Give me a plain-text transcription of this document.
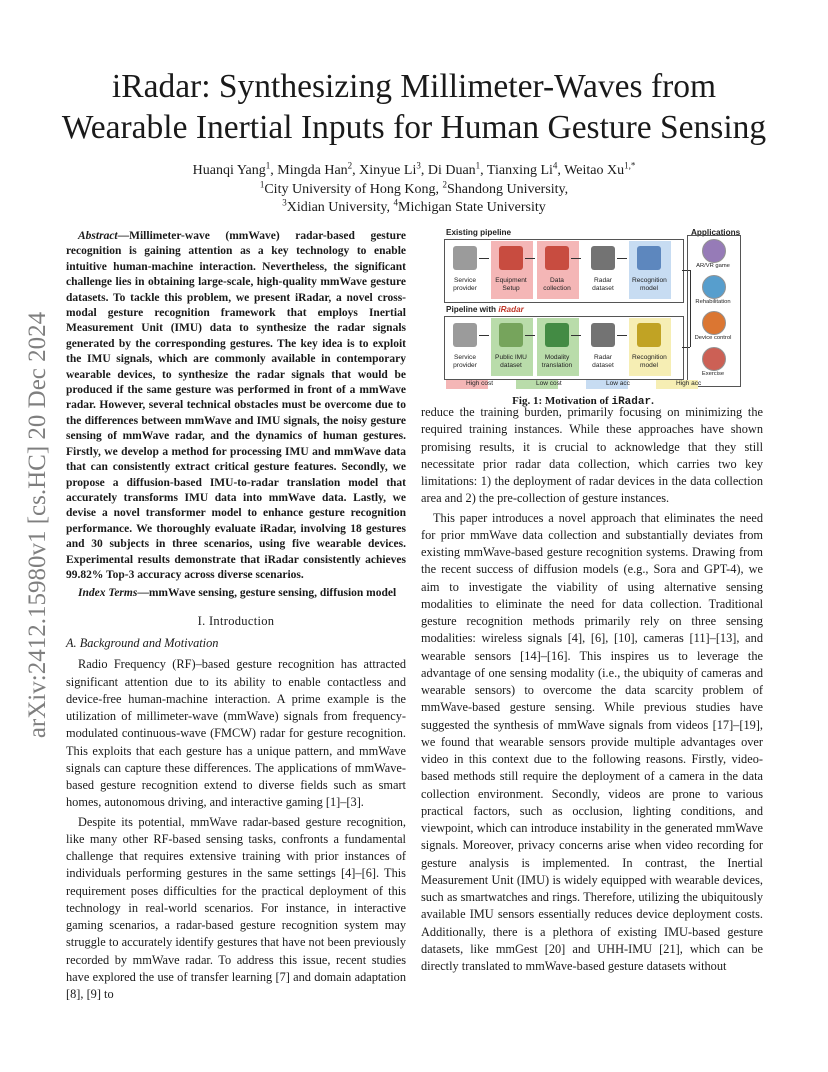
arXiv:2412.15980v1 [cs.HC] 20 Dec 2024
iRadar: Synthesizing Millimeter-Waves from
Wearable Inertial Inputs for Human Gesture Sensing
Huanqi Yang$^1$, Mingda Han$^2$, Xinyue Li$^3$, Di Duan$^1$, Tianxing Li$^4$, Weitao $Xu^{1,*}$
$^1$City University of Hong Kong, $^2$Shandong University,
$^3$Xidian University, $^4$Michigan State University

Abstract—Millimeter-wave (mmWave) radar-based gesture recognition is gaining attention as a key technology to enable intuitive human-machine interaction. Nevertheless, the significant challenge lies in obtaining large-scale, high-quality mmWave gesture datasets. To tackle this problem, we present iRadar, a novel cross-modal gesture recognition framework that employs Inertial Measurement Unit (IMU) data to synthesize the radar signals generated by the corresponding gestures. The key idea is to exploit the IMU signals, which are commonly available in contemporary wearable devices, to synthesize the radar signals that would be produced if the same gesture was performed in front of a mmWave radar. However, several technical obstacles must be overcome due to the differences between mmWave and IMU signals, the noisy gesture sensing of mmWave radar, and the dynamics of human gestures. Firstly, we develop a method for processing IMU and mmWave data that can consistently extract critical gesture features. Secondly, we propose a diffusion-based IMU-to-radar translation model that accurately transforms IMU data into mmWave data. Lastly, we devise a novel transformer model to enhance gesture recognition performance. We thoroughly evaluate iRadar, involving 18 gestures and 30 subjects in three scenarios, using five wearable devices. Experimental results demonstrate that iRadar consistently achieves 99.82% Top-3 accuracy across diverse scenarios.

Index Terms—mmWave sensing, gesture sensing, diffusion model

I. Introduction

A. Background and Motivation

Radio Frequency (RF)–based gesture recognition has attracted significant attention due to its ability to enable contactless and device-free human-machine interaction. A prime example is the utilization of millimeter-wave (mmWave) signals from frequency-modulated continuous-wave (FMCW) radar for gesture recognition. This exploits that each gesture has a unique pattern, and mmWave signals can capture these differences. The applications of mmWave-based gesture recognition extend to diverse fields such as smart homes, autonomous driving, and interactive gaming [1]–[3].

Despite its potential, mmWave radar-based gesture recognition, like many other RF-based sensing tasks, confronts a fundamental challenge that requires extensive training with prior instances of individuals performing gestures in the same settings [4]–[6]. This requirement poses difficulties for the practical deployment of this technology in real-world scenarios. For instance, in interactive gaming scenarios, a radar-based gesture recognition system may struggle to accurately identify gestures that have not been previously recorded by mmWave radar. To address this issue, recent studies have explored the use of transfer learning [7] and domain adaptation [8], [9] to

Existing pipeline	Applications
Pipeline with iRadar
Service provider
Equipment Setup
Data collection
Radar dataset
Recognition model
Service provider
Public IMU dataset
Modality translation
Radar dataset
Recognition model
AR/VR game
Rehabilitation
Device control
Exercise
High cost	Low cost	Low acc	High acc
Fig. 1: Motivation of iRadar.

reduce the training burden, primarily focusing on minimizing the required training instances. While these approaches have shown promising results, it is crucial to acknowledge that they still necessitate prior radar data collection, which carries two key limitations: 1) the deployment of radar devices in the data collection area and 2) the pre-collection of gesture instances.

This paper introduces a novel approach that eliminates the need for prior mmWave data collection and substantially deviates from existing mmWave-based gesture recognition systems. Drawing from the recent success of diffusion models (e.g., Sora and GPT-4), we aim to investigate the viability of using alternative sensing modalities to eliminate the need for data collection. Traditional gesture recognition methods primarily rely on three sensing modalities: wireless signals [4], [6], [10], cameras [11]–[13], and wearable sensors [14]–[16]. This inspires us to leverage the advantage of one sensing modality (i.e., the ubiquity of cameras and wearable sensors) to overcome the data scarcity problem of mmWave-based gesture sensing. While previous studies have suggested the synthesis of mmWave signals from videos [17]–[19], we found that wearable sensors provide multiple advantages over video in this context due to the following reasons. Firstly, video-based methods still require the deployment of a camera in the data collection environment. Secondly, videos are prone to various practical factors, such as occlusion, lighting conditions, and viewpoint, which can introduce instability in the generated mmWave signals. Moreover, privacy concerns arise when video recording for gesture analysis is implemented. In contrast, the Inertial Measurement Unit (IMU) is widely equipped with wearable devices, such as smartwatches and rings. Therefore, utilizing the ubiquitously available IMU sensors essentially reduces device deployment costs. Additionally, there is a plethora of existing IMU-based gesture datasets, like mmGest [20] and UHH-IMU [21], which can be directly translated to mmWave-based gesture datasets without
